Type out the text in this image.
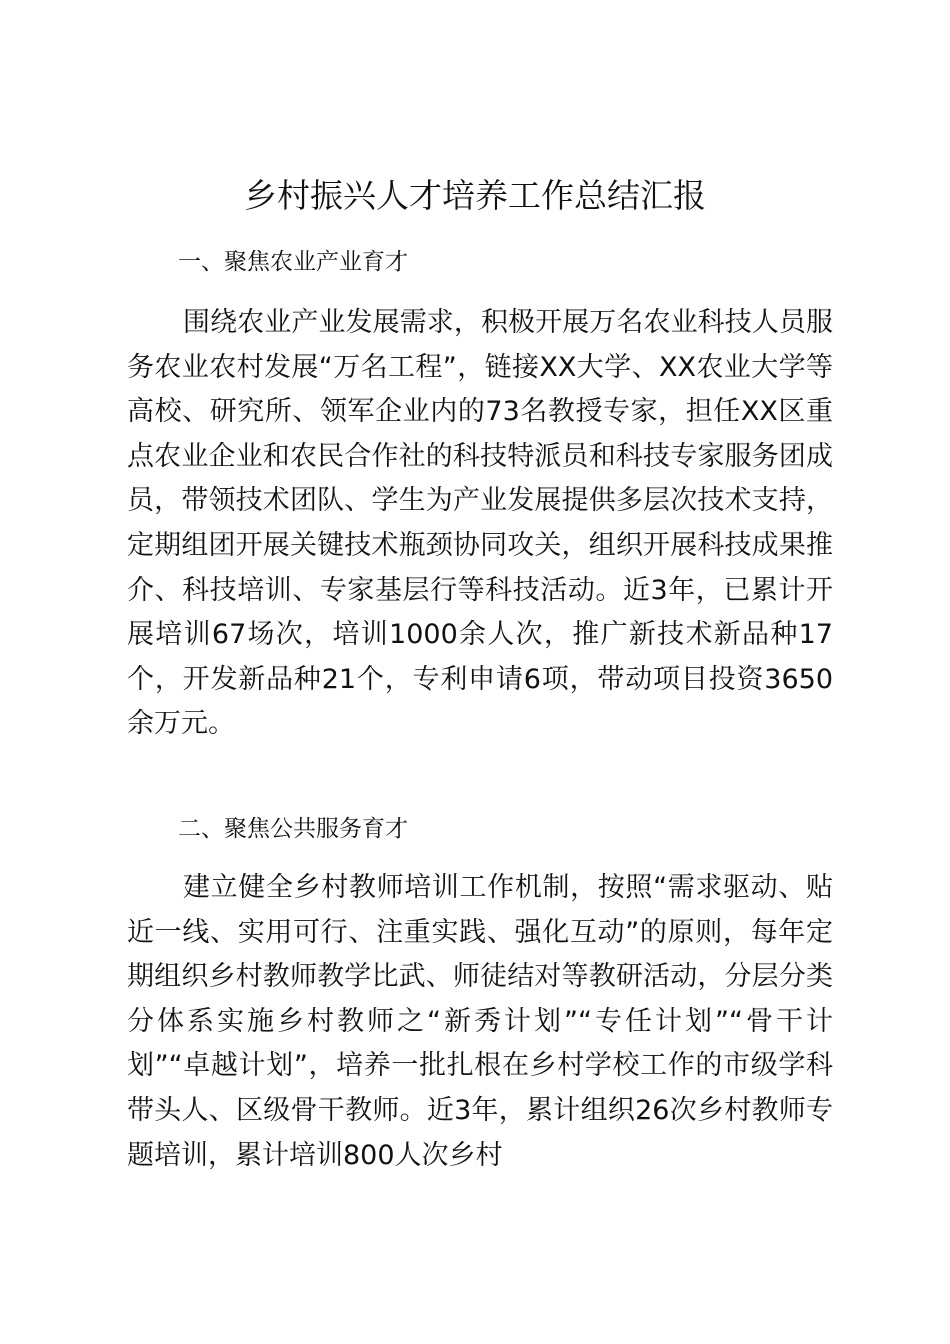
乡村振兴人才培养工作总结汇报

一、聚焦农业产业育才

围绕农业产业发展需求，积极开展万名农业科技人员服务农业农村发展“万名工程”，链接XX大学、XX农业大学等高校、研究所、领军企业内的73名教授专家，担任XX区重点农业企业和农民合作社的科技特派员和科技专家服务团成员，带领技术团队、学生为产业发展提供多层次技术支持，定期组团开展关键技术瓶颈协同攻关，组织开展科技成果推介、科技培训、专家基层行等科技活动。近3年，已累计开展培训67场次，培训1000余人次，推广新技术新品种17个，开发新品种21个，专利申请6项，带动项目投资3650余万元。

二、聚焦公共服务育才

建立健全乡村教师培训工作机制，按照“需求驱动、贴近一线、实用可行、注重实践、强化互动”的原则，每年定期组织乡村教师教学比武、师徒结对等教研活动，分层分类分体系实施乡村教师之“新秀计划”“专任计划”“骨干计划”“卓越计划”，培养一批扎根在乡村学校工作的市级学科带头人、区级骨干教师。近3年，累计组织26次乡村教师专题培训，累计培训800人次乡村
